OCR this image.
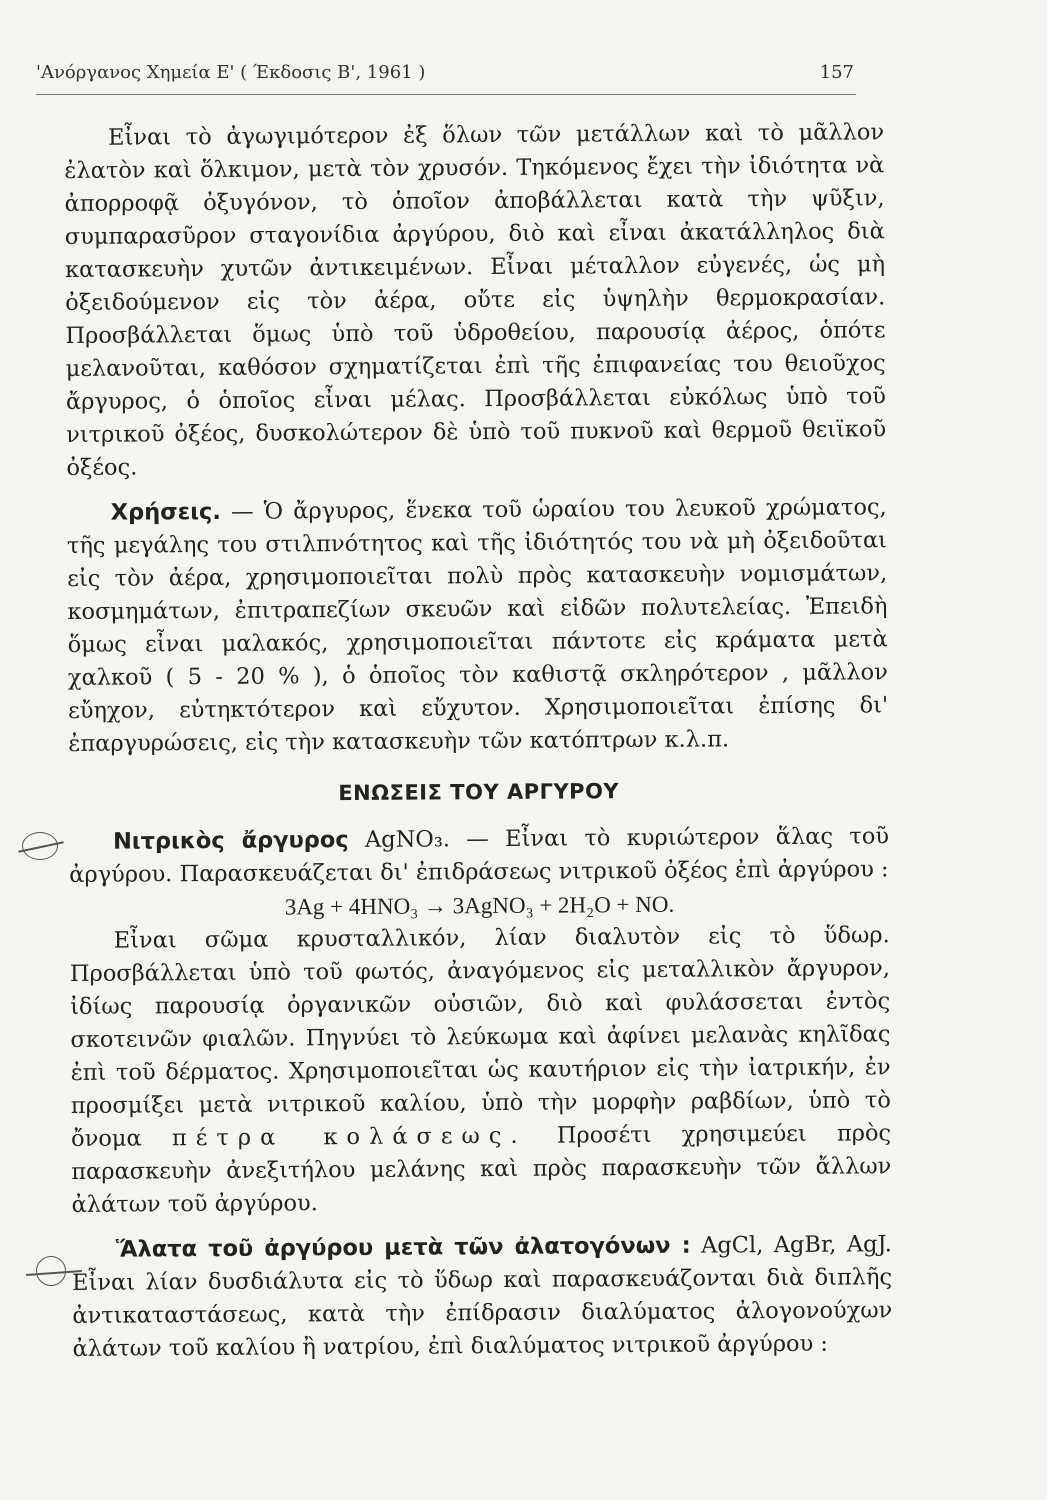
'Ανόργανος Χημεία Ε' ( Έκδοσις Β', 1961 )	157

Εἶναι τὸ ἀγωγιμότερον ἐξ ὅλων τῶν μετάλλων καὶ τὸ μᾶλλον ἐλατὸν καὶ ὅλκιμον, μετὰ τὸν χρυσόν. Τηκόμενος ἔχει τὴν ἰδιότητα νὰ ἀπορροφᾷ ὀξυγόνον, τὸ ὁποῖον ἀποβάλλεται κατὰ τὴν ψῦξιν, συμπαρασῦρον σταγονίδια ἀργύρου, διὸ καὶ εἶναι ἀκατάλληλος διὰ κατασκευὴν χυτῶν ἀντικειμένων. Εἶναι μέταλλον εὐγενές, ὡς μὴ ὀξειδούμενον εἰς τὸν ἀέρα, οὔτε εἰς ὑψηλὴν θερμοκρασίαν. Προσβάλλεται ὅμως ὑπὸ τοῦ ὑδροθείου, παρουσίᾳ ἀέρος, ὁπότε μελανοῦται, καθόσον σχηματίζεται ἐπὶ τῆς ἐπιφανείας του θειοῦχος ἄργυρος, ὁ ὁποῖος εἶναι μέλας. Προσβάλλεται εὐκόλως ὑπὸ τοῦ νιτρικοῦ ὀξέος, δυσκολώτερον δὲ ὑπὸ τοῦ πυκνοῦ καὶ θερμοῦ θειϊκοῦ ὀξέος.

Χρήσεις. — Ὁ ἄργυρος, ἕνεκα τοῦ ὡραίου του λευκοῦ χρώματος, τῆς μεγάλης του στιλπνότητος καὶ τῆς ἰδιότητός του νὰ μὴ ὀξειδοῦται εἰς τὸν ἀέρα, χρησιμοποιεῖται πολὺ πρὸς κατασκευὴν νομισμάτων, κοσμημάτων, ἐπιτραπεζίων σκευῶν καὶ εἰδῶν πολυτελείας. Ἐπειδὴ ὅμως εἶναι μαλακός, χρησιμοποιεῖται πάντοτε εἰς κράματα μετὰ χαλκοῦ ( 5 - 20 % ), ὁ ὁποῖος τὸν καθιστᾷ σκληρότερον , μᾶλλον εὔηχον, εὐτηκτότερον καὶ εὔχυτον. Χρησιμοποιεῖται ἐπίσης δι' ἐπαργυρώσεις, εἰς τὴν κατασκευὴν τῶν κατόπτρων κ.λ.π.

ΕΝΩΣΕΙΣ ΤΟΥ ΑΡΓΥΡΟΥ

Νιτρικὸς ἄργυρος AgNO₃. — Εἶναι τὸ κυριώτερον ἅλας τοῦ ἀργύρου. Παρασκευάζεται δι' ἐπιδράσεως νιτρικοῦ ὀξέος ἐπὶ ἀργύρου :

3Ag + 4HNO₃ → 3AgNO₃ + 2H₂O + NO.

Εἶναι σῶμα κρυσταλλικόν, λίαν διαλυτὸν εἰς τὸ ὕδωρ. Προσβάλλεται ὑπὸ τοῦ φωτός, ἀναγόμενος εἰς μεταλλικὸν ἄργυρον, ἰδίως παρουσίᾳ ὀργανικῶν οὐσιῶν, διὸ καὶ φυλάσσεται ἐντὸς σκοτεινῶν φιαλῶν. Πηγνύει τὸ λεύκωμα καὶ ἀφίνει μελανὰς κηλῖδας ἐπὶ τοῦ δέρματος. Χρησιμοποιεῖται ὡς καυτήριον εἰς τὴν ἰατρικήν, ἐν προσμίξει μετὰ νιτρικοῦ καλίου, ὑπὸ τὴν μορφὴν ραβδίων, ὑπὸ τὸ ὄνομα πέτρα κολάσεως. Προσέτι χρησιμεύει πρὸς παρασκευὴν ἀνεξιτήλου μελάνης καὶ πρὸς παρασκευὴν τῶν ἄλλων ἀλάτων τοῦ ἀργύρου.

Ἅλατα τοῦ ἀργύρου μετὰ τῶν ἀλατογόνων : AgCl, AgBr, AgJ. Εἶναι λίαν δυσδιάλυτα εἰς τὸ ὕδωρ καὶ παρασκευάζονται διὰ διπλῆς ἀντικαταστάσεως, κατὰ τὴν ἐπίδρασιν διαλύματος ἀλογονούχων ἀλάτων τοῦ καλίου ἢ νατρίου, ἐπὶ διαλύματος νιτρικοῦ ἀργύρου :
